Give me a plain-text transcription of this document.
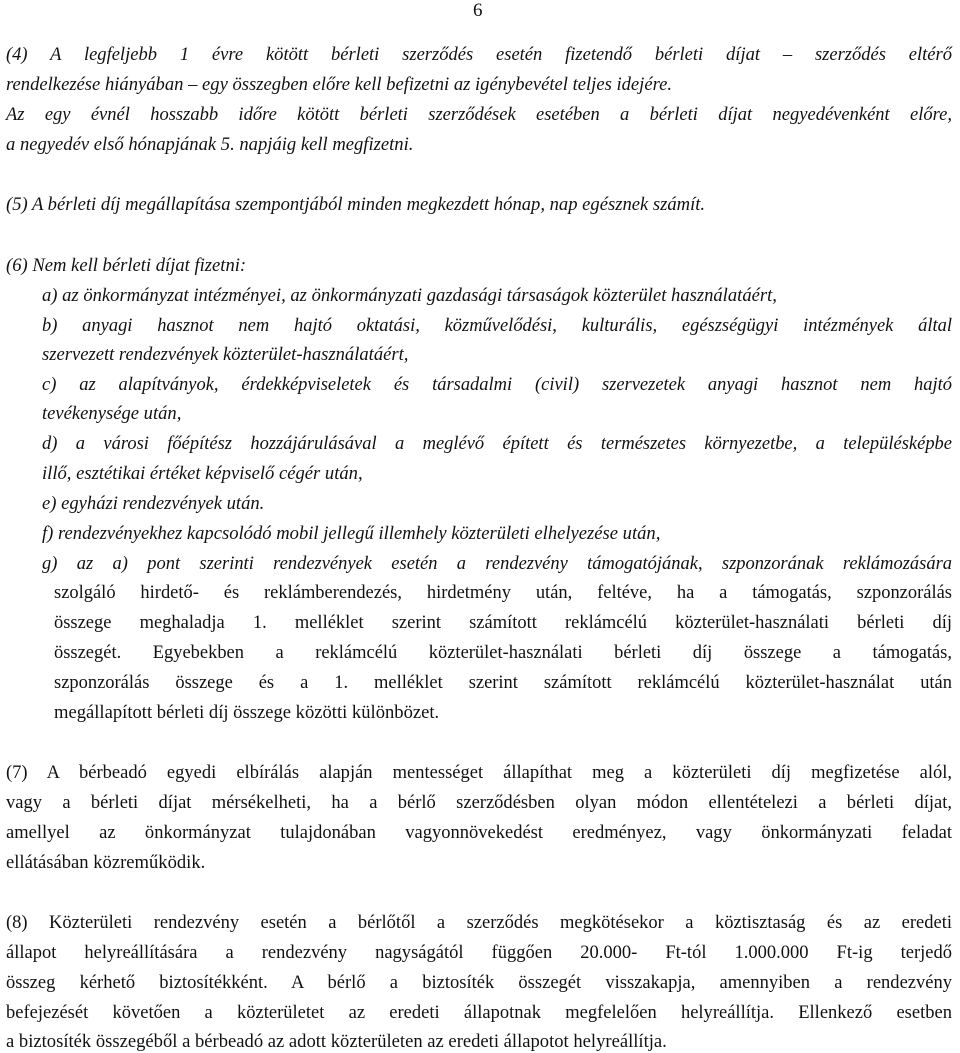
6
(4) A legfeljebb 1 évre kötött bérleti szerződés esetén fizetendő bérleti díjat – szerződés eltérő
rendelkezése hiányában – egy összegben előre kell befizetni az igénybevétel teljes idejére.
Az egy évnél hosszabb időre kötött bérleti szerződések esetében a bérleti díjat negyedévenként előre,
a negyedév első hónapjának 5. napjáig kell megfizetni.
(5) A bérleti díj megállapítása szempontjából minden megkezdett hónap, nap egésznek számít.
(6) Nem kell bérleti díjat fizetni:
a) az önkormányzat intézményei, az önkormányzati gazdasági társaságok közterület használatáért,
b) anyagi hasznot nem hajtó oktatási, közművelődési, kulturális, egészségügyi intézmények által
szervezett rendezvények közterület-használatáért,
c) az alapítványok, érdekképviseletek és társadalmi (civil) szervezetek anyagi hasznot nem hajtó
tevékenysége után,
d) a városi főépítész hozzájárulásával a meglévő épített és természetes környezetbe, a településképbe
illő, esztétikai értéket képviselő cégér után,
e) egyházi rendezvények után.
f) rendezvényekhez kapcsolódó mobil jellegű illemhely közterületi elhelyezése után,
g) az a) pont szerinti rendezvények esetén a rendezvény támogatójának, szponzorának reklámozására
szolgáló hirdető- és reklámberendezés, hirdetmény után, feltéve, ha a támogatás, szponzorálás
összege meghaladja 1. melléklet szerint számított reklámcélú közterület-használati bérleti díj
összegét. Egyebekben a reklámcélú közterület-használati bérleti díj összege a támogatás,
szponzorálás összege és a 1. melléklet szerint számított reklámcélú közterület-használat után
megállapított bérleti díj összege közötti különbözet.
(7) A bérbeadó egyedi elbírálás alapján mentességet állapíthat meg a közterületi díj megfizetése alól,
vagy a bérleti díjat mérsékelheti, ha a bérlő szerződésben olyan módon ellentételezi a bérleti díjat,
amellyel az önkormányzat tulajdonában vagyonnövekedést eredményez, vagy önkormányzati feladat
ellátásában közreműködik.
(8) Közterületi rendezvény esetén a bérlőtől a szerződés megkötésekor a köztisztaság és az eredeti
állapot helyreállítására a rendezvény nagyságától függően 20.000- Ft-tól 1.000.000 Ft-ig terjedő
összeg kérhető biztosítékként. A bérlő a biztosíték összegét visszakapja, amennyiben a rendezvény
befejezését követően a közterületet az eredeti állapotnak megfelelően helyreállítja. Ellenkező esetben
a biztosíték összegéből a bérbeadó az adott közterületen az eredeti állapotot helyreállítja.
